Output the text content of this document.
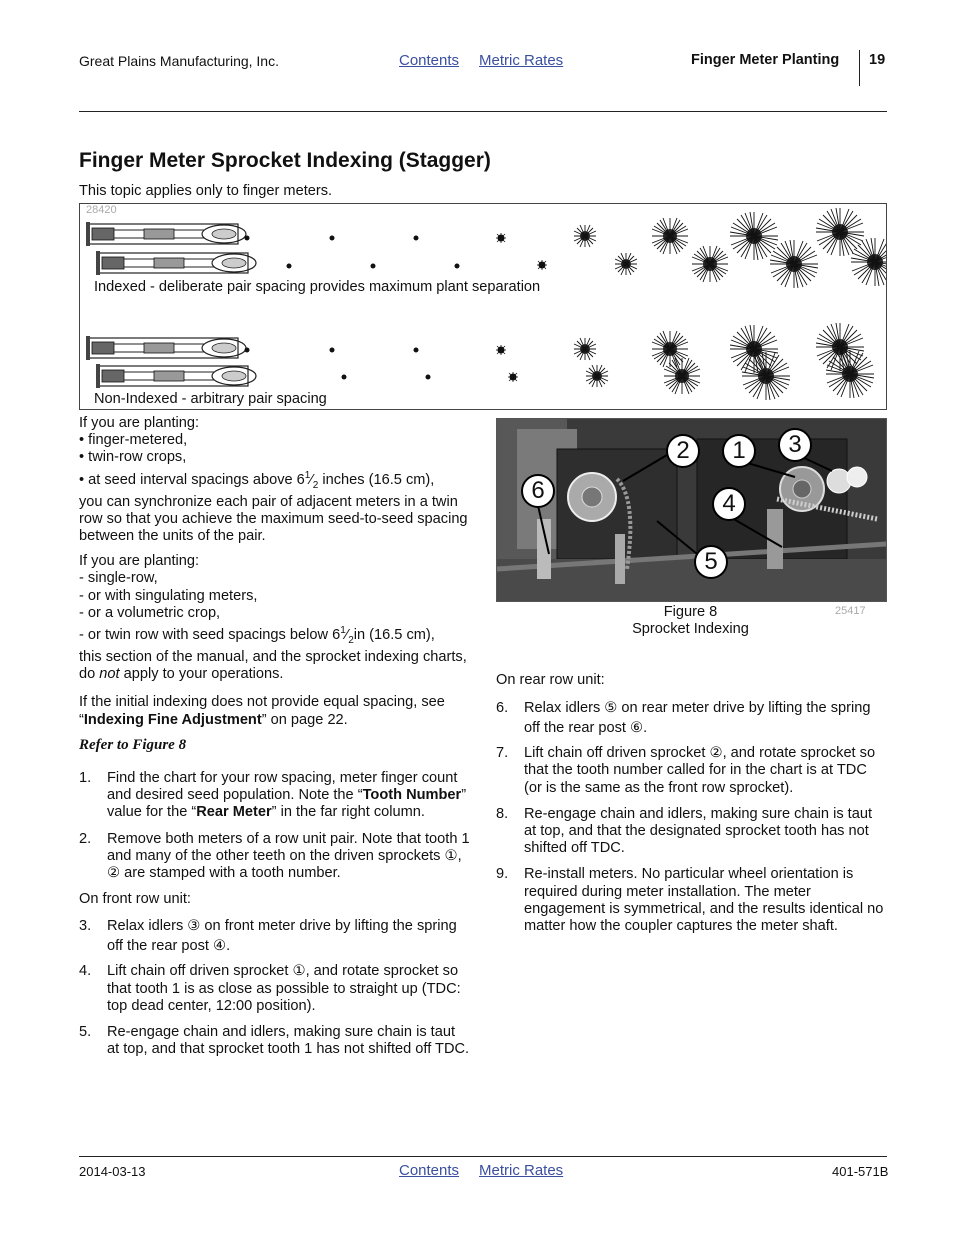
Great Plains Manufacturing, Inc.	Contents Metric Rates	Finger Meter Planting 19
Finger Meter Sprocket Indexing (Stagger)
This topic applies only to finger meters.
28420
Indexed - deliberate pair spacing provides maximum plant separation
Non-Indexed - arbitrary pair spacing

If you are planting:
• finger-metered,
• twin-row crops,
• at seed interval spacings above $6^1⁄_2$ inches (16.5 cm),
you can synchronize each pair of adjacent meters in a twin row so that you achieve the maximum seed-to-seed spacing between the units of the pair.

If you are planting:
- single-row,
- or with singulating meters,
- or a volumetric crop,
- or twin row with seed spacings below $6^1⁄_2in$ (16.5 cm),
this section of the manual, and the sprocket indexing charts, do not apply to your operations.

If the initial indexing does not provide equal spacing, see “Indexing Fine Adjustment” on page 22.

Refer to Figure 8

1. Find the chart for your row spacing, meter finger count and desired seed population. Note the “Tooth Number” value for the “Rear Meter” in the far right column.
2. Remove both meters of a row unit pair. Note that tooth 1 and many of the other teeth on the driven sprockets ①, ② are stamped with a tooth number.

On front row unit:

3. Relax idlers ③ on front meter drive by lifting the spring off the rear post ④.
4. Lift chain off driven sprocket ①, and rotate sprocket so that tooth 1 is as close as possible to straight up (TDC: top dead center, 12:00 position).
5. Re-engage chain and idlers, making sure chain is taut at top, and that sprocket tooth 1 has not shifted off TDC.
2	1	3
6	4
5
Figure 8
Sprocket Indexing
25417

On rear row unit:

6. Relax idlers ⑤ on rear meter drive by lifting the spring off the rear post ⑥.
7. Lift chain off driven sprocket ②, and rotate sprocket so that the tooth number called for in the chart is at TDC (or is the same as the front row sprocket).
8. Re-engage chain and idlers, making sure chain is taut at top, and that the designated sprocket tooth has not shifted off TDC.
9. Re-install meters. No particular wheel orientation is required during meter installation. The meter engagement is symmetrical, and the results identical no matter how the coupler captures the meter shaft.
2014-03-13	Contents Metric Rates	401-571B
